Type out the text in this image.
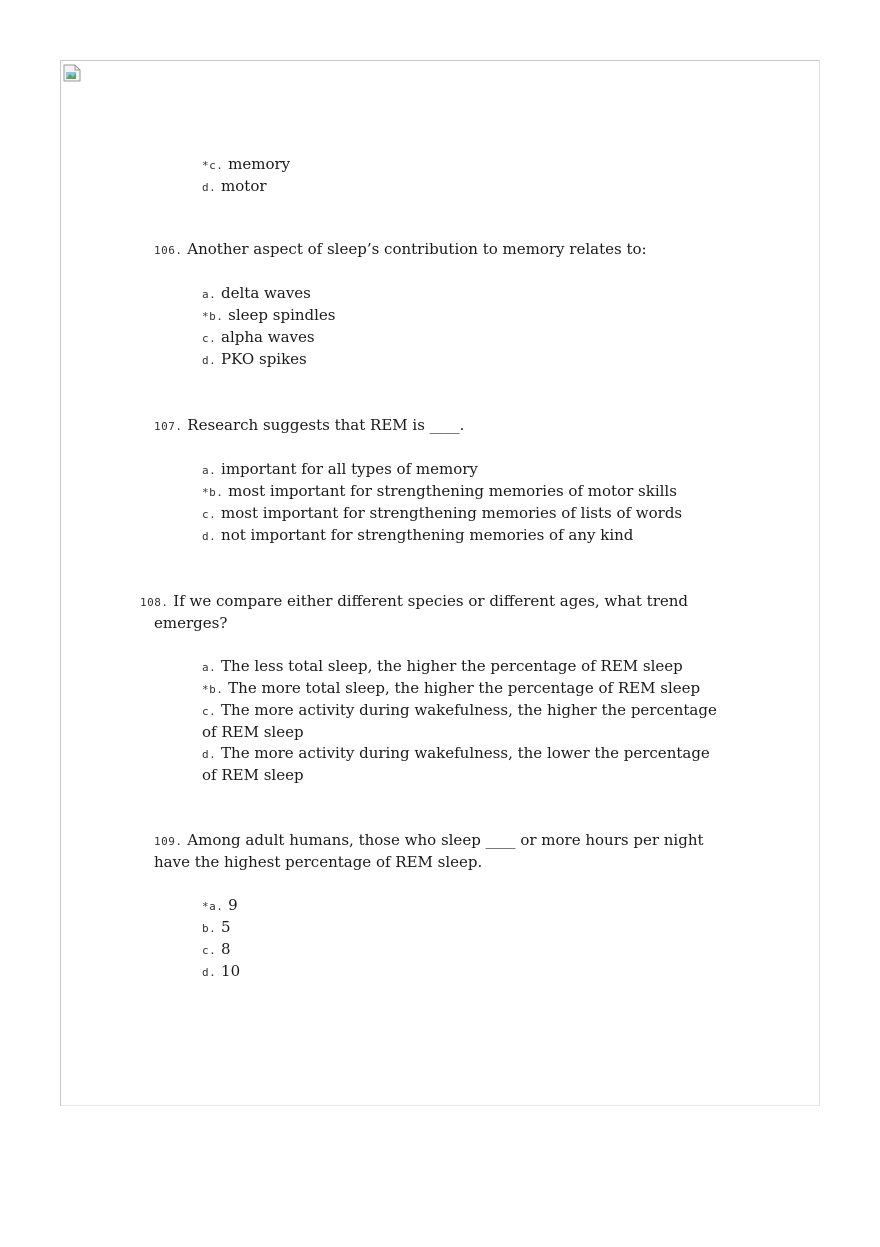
*c. memory
d. motor

106. Another aspect of sleep’s contribution to memory relates to:

a. delta waves
*b. sleep spindles
c. alpha waves
d. PKO spikes

107. Research suggests that REM is ____.

a. important for all types of memory
*b. most important for strengthening memories of motor skills
c. most important for strengthening memories of lists of words
d. not important for strengthening memories of any kind

108. If we compare either different species or different ages, what trend emerges?

a. The less total sleep, the higher the percentage of REM sleep
*b. The more total sleep, the higher the percentage of REM sleep
c. The more activity during wakefulness, the higher the percentage of REM sleep
d. The more activity during wakefulness, the lower the percentage of REM sleep

109. Among adult humans, those who sleep ____ or more hours per night have the highest percentage of REM sleep.

*a. 9
b. 5
c. 8
d. 10
